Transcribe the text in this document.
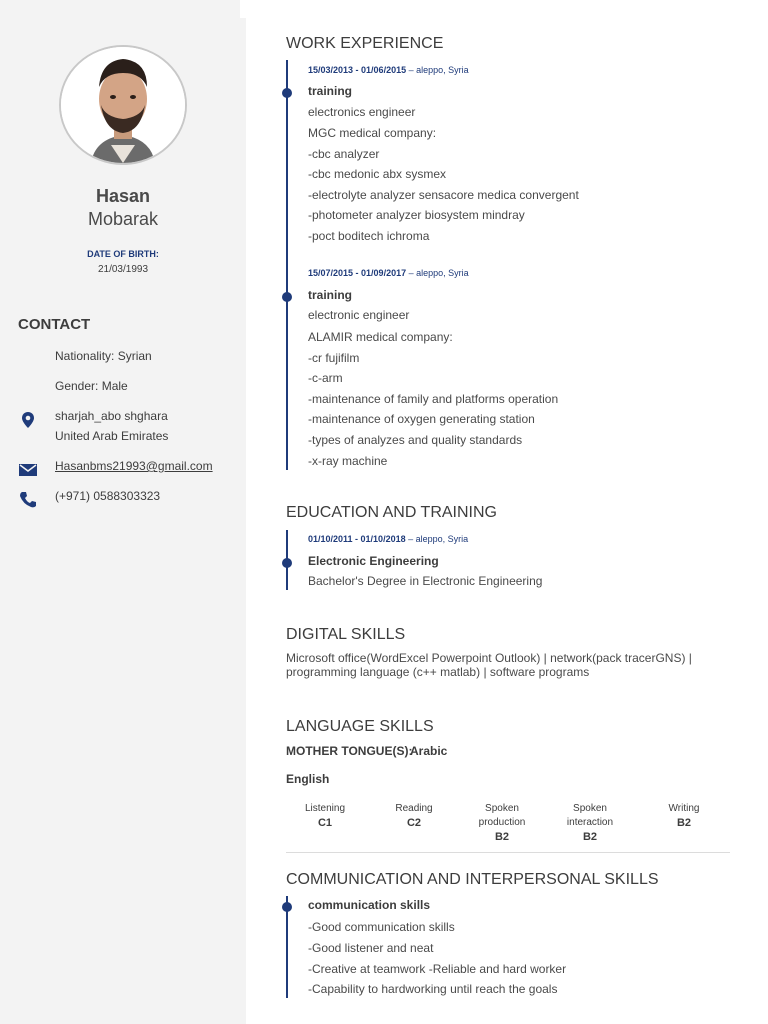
Hasan
Mobarak
DATE OF BIRTH:
21/03/1993
CONTACT
Nationality: Syrian
Gender: Male
sharjah_abo shghara
United Arab Emirates
Hasanbms21993@gmail.com
(+971) 0588303323
WORK EXPERIENCE
15/03/2013 - 01/06/2015 – aleppo, Syria
training
electronics engineer
MGC medical company:
-cbc analyzer
-cbc medonic abx sysmex
-electrolyte analyzer sensacore medica convergent
-photometer analyzer biosystem mindray
-poct boditech ichroma
15/07/2015 - 01/09/2017 – aleppo, Syria
training
electronic engineer
ALAMIR medical company:
-cr fujifilm
-c-arm
-maintenance of family and platforms operation
-maintenance of oxygen generating station
-types of analyzes and quality standards
-x-ray machine
EDUCATION AND TRAINING
01/10/2011 - 01/10/2018 – aleppo, Syria
Electronic Engineering
Bachelor's Degree in Electronic Engineering
DIGITAL SKILLS
Microsoft office(WordExcel Powerpoint Outlook) | network(pack tracerGNS) | programming language (c++ matlab) | software programs
LANGUAGE SKILLS
MOTHER TONGUE(S):
Arabic
English
Listening
C1
Reading
C2
Spoken production
B2
Spoken interaction
B2
Writing
B2
COMMUNICATION AND INTERPERSONAL SKILLS
communication skills
-Good communication skills
-Good listener and neat
-Creative at teamwork -Reliable and hard worker
-Capability to hardworking until reach the goals
